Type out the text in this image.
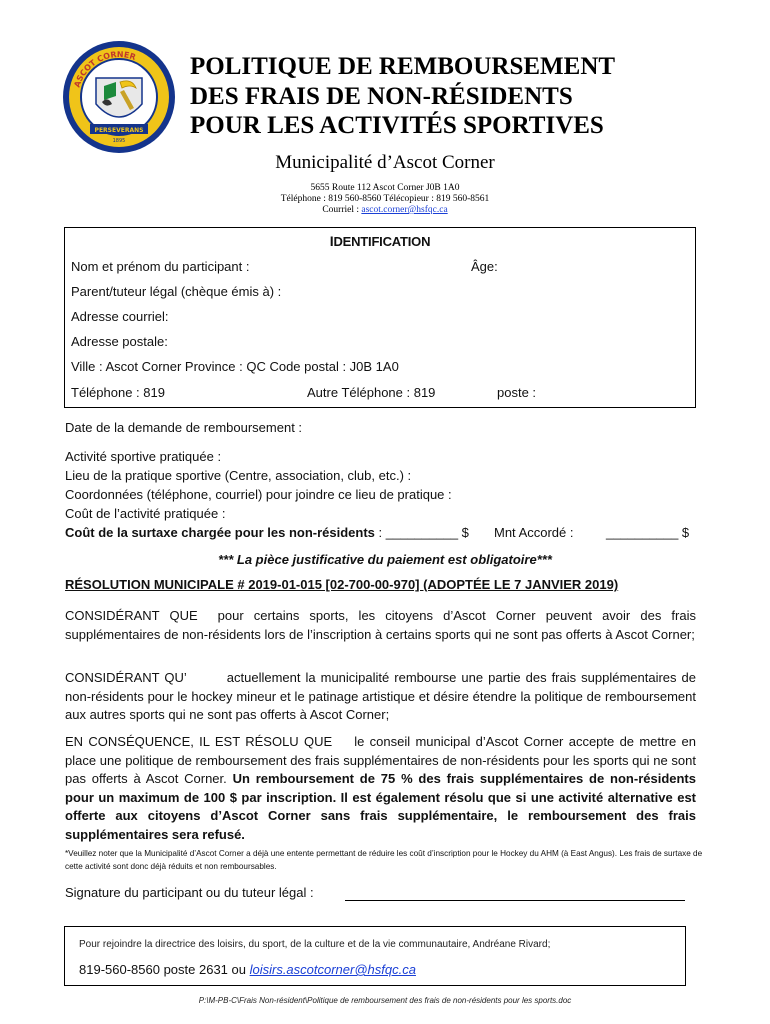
PERSEVERANS
ASCOT CORNER
1895
POLITIQUE DE REMBOURSEMENT
DES FRAIS DE NON-RÉSIDENTS
POUR LES ACTIVITÉS SPORTIVES
Municipalité d’Ascot Corner
5655 Route 112 Ascot Corner J0B 1A0
Téléphone : 819 560-8560 Télécopieur : 819 560-8561
Courriel : ascot.corner@hsfqc.ca
IDENTIFICATION
Nom et prénom du participant :	Âge:
Parent/tuteur légal (chèque émis à) :
Adresse courriel:
Adresse postale:
Ville : Ascot Corner Province : QC Code postal : J0B 1A0
Téléphone : 819	Autre Téléphone : 819	poste :
Date de la demande de remboursement :
Activité sportive pratiquée :
Lieu de la pratique sportive (Centre, association, club, etc.) :
Coordonnées (téléphone, courriel) pour joindre ce lieu de pratique :
Coût de l’activité pratiquée :
Coût de la surtaxe chargée pour les non-résidents : __________ $ Mnt Accordé :	__________ $
*** La pièce justificative du paiement est obligatoire***
RÉSOLUTION MUNICIPALE # 2019-01-015 [02-700-00-970] (ADOPTÉE LE 7 JANVIER 2019)
CONSIDÉRANT QUE pour certains sports, les citoyens d’Ascot Corner peuvent avoir des frais supplémentaires de non-résidents lors de l’inscription à certains sports qui ne sont pas offerts à Ascot Corner;
CONSIDÉRANT QU’	actuellement la municipalité rembourse une partie des frais supplémentaires de non-résidents pour le hockey mineur et le patinage artistique et désire étendre la politique de remboursement aux autres sports qui ne sont pas offerts à Ascot Corner;
EN CONSÉQUENCE, IL EST RÉSOLU QUE le conseil municipal d’Ascot Corner accepte de mettre en place une politique de remboursement des frais supplémentaires de non-résidents pour les sports qui ne sont pas offerts à Ascot Corner. Un remboursement de 75 % des frais supplémentaires de non-résidents pour un maximum de 100 $ par inscription. Il est également résolu que si une activité alternative est offerte aux citoyens d’Ascot Corner sans frais supplémentaire, le remboursement des frais supplémentaires sera refusé.
*Veuillez noter que la Municipalité d’Ascot Corner a déjà une entente permettant de réduire les coût d’inscription pour le Hockey du AHM (à East Angus). Les frais de surtaxe de cette activité sont donc déjà réduits et non remboursables.
Signature du participant ou du tuteur légal :
Pour rejoindre la directrice des loisirs, du sport, de la culture et de la vie communautaire, Andréane Rivard;
819-560-8560 poste 2631 ou loisirs.ascotcorner@hsfqc.ca
P:\M-PB-C\Frais Non-résident\Politique de remboursement des frais de non-résidents pour les sports.doc
